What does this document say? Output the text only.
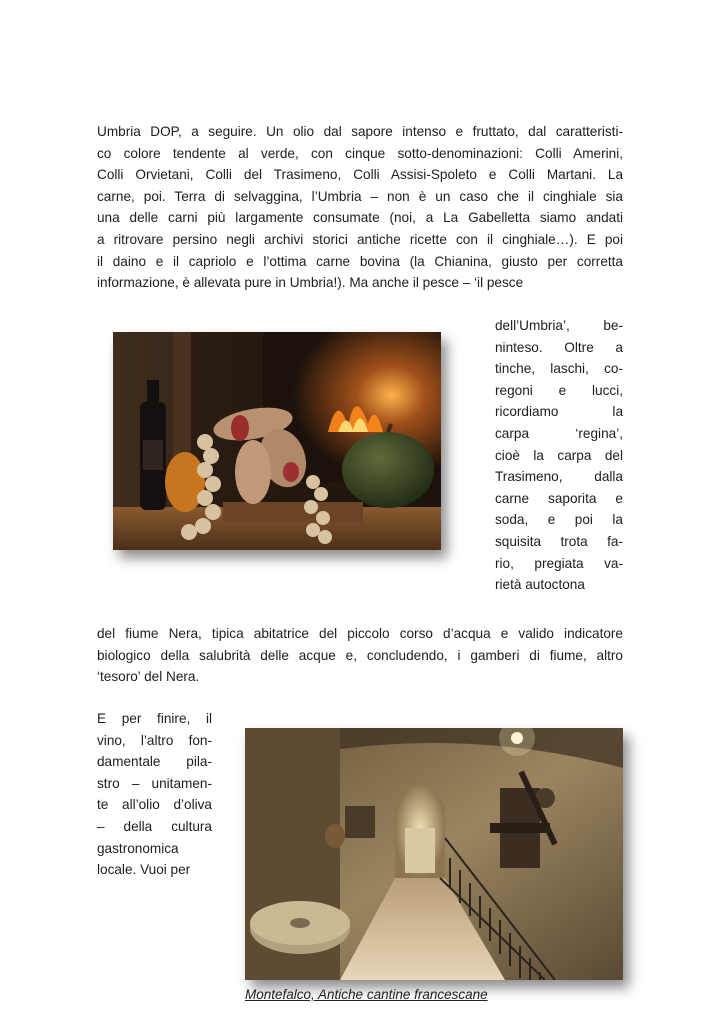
Umbria DOP, a seguire. Un olio dal sapore intenso e fruttato, dal caratteristi-
co colore tendente al verde, con cinque sotto-denominazioni: Colli Amerini,
Colli Orvietani, Colli del Trasimeno, Colli Assisi-Spoleto e Colli Martani. La
carne, poi. Terra di selvaggina, l’Umbria – non è un caso che il cinghiale sia
una delle carni più largamente consumate (noi, a La Gabelletta siamo andati
a ritrovare persino negli archivi storici antiche ricette con il cinghiale…). E poi
il daino e il capriolo e l’ottima carne bovina (la Chianina, giusto per corretta
informazione, è allevata pure in Umbria!). Ma anche il pesce – ‘il pesce
dell’Umbria’, be-
ninteso. Oltre a
tinche, laschi, co-
regoni e lucci,
ricordiamo la
carpa ‘regina’,
cioè la carpa del
Trasimeno, dalla
carne saporita e
soda, e poi la
squisita trota fa-
rio, pregiata va-
rietà autoctona
del fiume Nera, tipica abitatrice del piccolo corso d’acqua e valido indicatore
biologico della salubrità delle acque e, concludendo, i gamberi di fiume, altro
‘tesoro’ del Nera.
E per finire, il
vino, l’altro fon-
damentale pila-
stro – unitamen-
te all’olio d’oliva
– della cultura
gastronomica
locale. Vuoi per
Montefalco, Antiche cantine francescane
